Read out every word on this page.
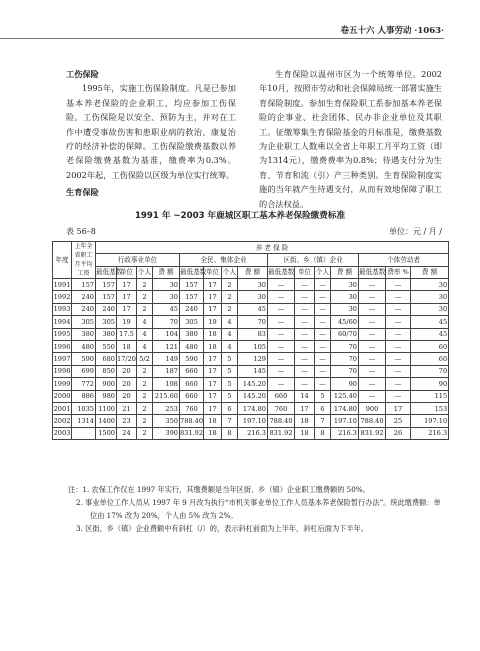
卷五十六 人事劳动 ·1063·
工伤保险

1995年，实施工伤保险制度。凡是已参加基本养老保险的企业职工，均应参加工伤保险。工伤保险是以安全、预防为主，并对在工作中遭受事故伤害和患职业病的救治、康复治疗的经济补偿的保障。工伤保险缴费基数以养老保险缴费基数为基准，缴费率为0.3%。2002年起，工伤保险以区级为单位实行统筹。

生育保险以温州市区为一个统筹单位。2002年10月，按照市劳动和社会保障局统一部署实施生育保险制度。参加生育保险职工系参加基本养老保险的企事业、社会团体、民办非企业单位及其职工。征缴筹集生育保险基金的月标准是，缴费基数为企业职工人数乘以全省上年职工月平均工资（即为1314元），缴费费率为0.8%；待遇支付分为生育、节育和流（引）产三种类别。生育保险制度实施的当年就产生待遇支付，从而有效地保障了职工的合法权益。

生育保险
1991 年 ~2003 年鹿城区职工基本养老保险缴费标准
表 56–8	单位：元 / 月 /
年度	上年全省职工月平均工资	养 老 保 险														
		行政事业单位				全民、集体企业				区街、乡（镇）企业				个体劳动者		
		最低基数	单位	个人	费 额	最低基数	单位	个人	费 额	最低基数	单位	个人	费 额	最低基数	费率 %	费 额
1991	157	157	17	2	30	157	17	2	30	—	—	—	30	—	—	30
1992	240	157	17	2	30	157	17	2	30	—	—	—	30	—	—	30
1993	240	240	17	2	45	240	17	2	45	—	—	—	30	—	—	30
1994	305	305	19	4	70	305	19	4	70	—	—	—	45/60	—	—	45
1995	380	380	17.5	4	104	380	18	4	83	—	—	—	60/70	—	—	45
1996	480	550	18	4	121	480	18	4	105	—	—	—	70	—	—	60
1997	590	680	17/20	5/2	149	590	17	5	129	—	—	—	70	—	—	60
1998	699	850	20	2	187	660	17	5	145	—	—	—	70	—	—	70
1999	772	900	20	2	198	660	17	5	145.20	—	—	—	90	—	—	90
2000	886	980	20	2	215.60	660	17	5	145.20	660	14	5	125.40	—	—	115
2001	1035	1100	21	2	253	760	17	6	174.80	760	17	6	174.80	900	17	153
2002	1314	1400	23	2	350	788.40	18	7	197.10	788.40	18	7	197.10	788.40	25	197.10
2003		1500	24	2	390	831.92	18	8	216.3	831.92	18	8	216.3	831.92	26	216.3

注：1. 农保工作仅在 1997 年实行，其缴费额是当年区街、乡（镇）企业职工缴费额的 50%。

2. 事业单位工作人员从 1997 年 9 月改为执行“市机关事业单位工作人员基本养老保险暂行办法”。统此缴费额：单位由 17% 改为 20%，个人由 5% 改为 2%。

3. 区街、乡（镇）企业费额中有斜杠（/）的，表示斜杠前面为上半年，斜杠后面为下半年。
